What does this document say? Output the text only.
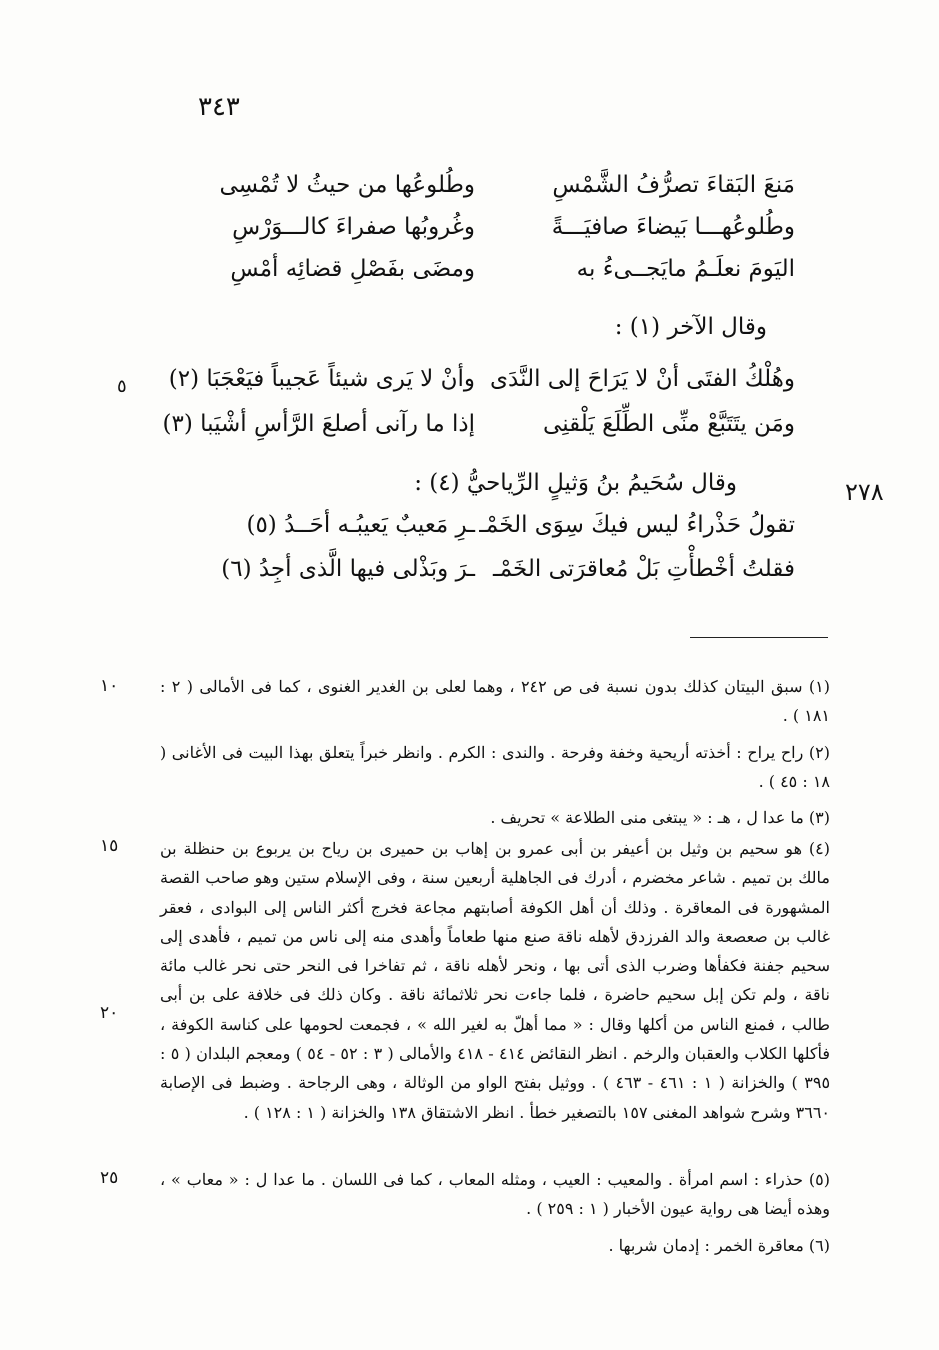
٣٤٣
مَنعَ البَقاءَ تصرُّفُ الشَّمْسِ
وطُلوعُها من حيثُ لا تُمْسِى
وطُلوعُهـــا بَيضاءَ صافيَـــةً
وغُروبُها صفراءَ كالـــوَرْسِ
اليَومَ نعلَـمُ مايَجــىءُ به
ومضَى بفَصْلِ قضائِه أمْسِ
وقال الآخر (١) :
وهُلْكُ الفتَى أنْ لا يَرَاحَ إلى النَّدَى
وأنْ لا يَرى شيئاً عَجيباً فيَعْجَبَا (٢)
ومَن يتَتَبَّعْ منِّى الطِّلَعَ يَلْقنِى
إذا ما رآنى أصلعَ الرَّأسِ أشْيَبا (٣)
وقال سُحَيمُ بنُ وَثيلٍ الرِّياحيُّ (٤) :
تقولُ حَذْراءُ ليس فيكَ سِوَى الخَمْـ
ـرِ مَعيبٌ يَعيبُـه أحَــدُ (٥)
فقلتُ أخْطأْتِ بَلْ مُعاقرَتى الخَمْـ
ـرَ وبَذْلى فيها الَّذى أجِدُ (٦)
٥
٢٧٨
(١) سبق البيتان كذلك بدون نسبة فى ص ٢٤٢ ، وهما لعلى بن الغدير الغنوى ، كما فى الأمالى ( ٢ : ١٨١ ) .
(٢) راح يراح : أخذته أريحية وخفة وفرحة . والندى : الكرم . وانظر خبراً يتعلق بهذا البيت فى الأغانى ( ١٨ : ٤٥ ) .
(٣) ما عدا ل ، هـ : « يبتغى منى الطلاعة » تحريف .
(٤) هو سحيم بن وثيل بن أعيفر بن أبى عمرو بن إهاب بن حميرى بن رياح بن يربوع بن حنظلة بن مالك بن تميم . شاعر مخضرم ، أدرك فى الجاهلية أربعين سنة ، وفى الإسلام ستين وهو صاحب القصة المشهورة فى المعاقرة . وذلك أن أهل الكوفة أصابتهم مجاعة فخرج أكثر الناس إلى البوادى ، فعقر غالب بن صعصعة والد الفرزدق لأهله ناقة صنع منها طعاماً وأهدى منه إلى ناس من تميم ، فأهدى إلى سحيم جفنة فكفأها وضرب الذى أتى بها ، ونحر لأهله ناقة ، ثم تفاخرا فى النحر حتى نحر غالب مائة ناقة ، ولم تكن إبل سحيم حاضرة ، فلما جاءت نحر ثلاثمائة ناقة . وكان ذلك فى خلافة على بن أبى طالب ، فمنع الناس من أكلها وقال : « مما أهلّ به لغير الله » ، فجمعت لحومها على كناسة الكوفة ، فأكلها الكلاب والعقبان والرخم . انظر النقائض ٤١٤ - ٤١٨ والأمالى ( ٣ : ٥٢ - ٥٤ ) ومعجم البلدان ( ٥ : ٣٩٥ ) والخزانة ( ١ : ٤٦١ - ٤٦٣ ) . ووثيل بفتح الواو من الوثالة ، وهى الرجاحة . وضبط فى الإصابة ٣٦٦٠ وشرح شواهد المغنى ١٥٧ بالتصغير خطأ . انظر الاشتقاق ١٣٨ والخزانة ( ١ : ١٢٨ ) .
(٥) حذراء : اسم امرأة . والمعيب : العيب ، ومثله المعاب ، كما فى اللسان . ما عدا ل : « معاب » ، وهذه أيضا هى رواية عيون الأخبار ( ١ : ٢٥٩ ) .
(٦) معاقرة الخمر : إدمان شربها .
١٠
١٥
٢٠
٢٥
